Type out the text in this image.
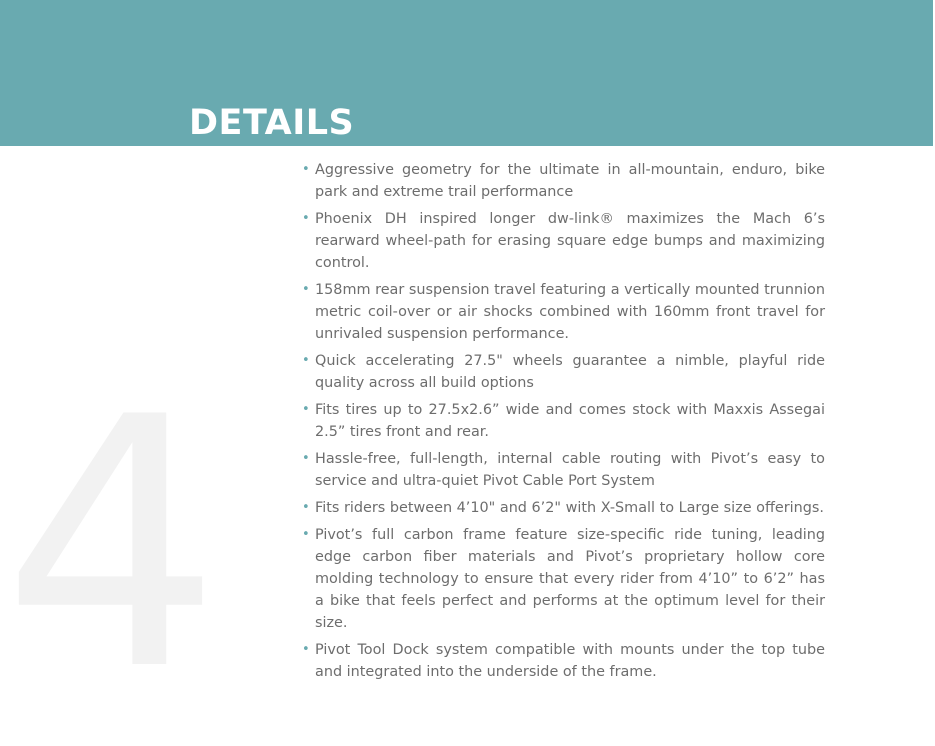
DETAILS
4
• Aggressive geometry for the ultimate in all-mountain, enduro, bike park and extreme trail performance
• Phoenix DH inspired longer dw-link® maximizes the Mach 6’s rearward wheel-path for erasing square edge bumps and maximizing control.
• 158mm rear suspension travel featuring a vertically mounted trunnion metric coil-over or air shocks combined with 160mm front travel for unrivaled suspension performance.
• Quick accelerating 27.5" wheels guarantee a nimble, playful ride quality across all build options
• Fits tires up to 27.5x2.6” wide and comes stock with Maxxis Assegai 2.5” tires front and rear.
• Hassle-free, full-length, internal cable routing with Pivot’s easy to service and ultra-quiet Pivot Cable Port System
• Fits riders between 4’10" and 6’2" with X-Small to Large size offerings.
• Pivot’s full carbon frame feature size-specific ride tuning, leading edge carbon fiber materials and Pivot’s proprietary hollow core molding technology to ensure that every rider from 4’10” to 6’2” has a bike that feels perfect and performs at the optimum level for their size.
• Pivot Tool Dock system compatible with mounts under the top tube and integrated into the underside of the frame.
